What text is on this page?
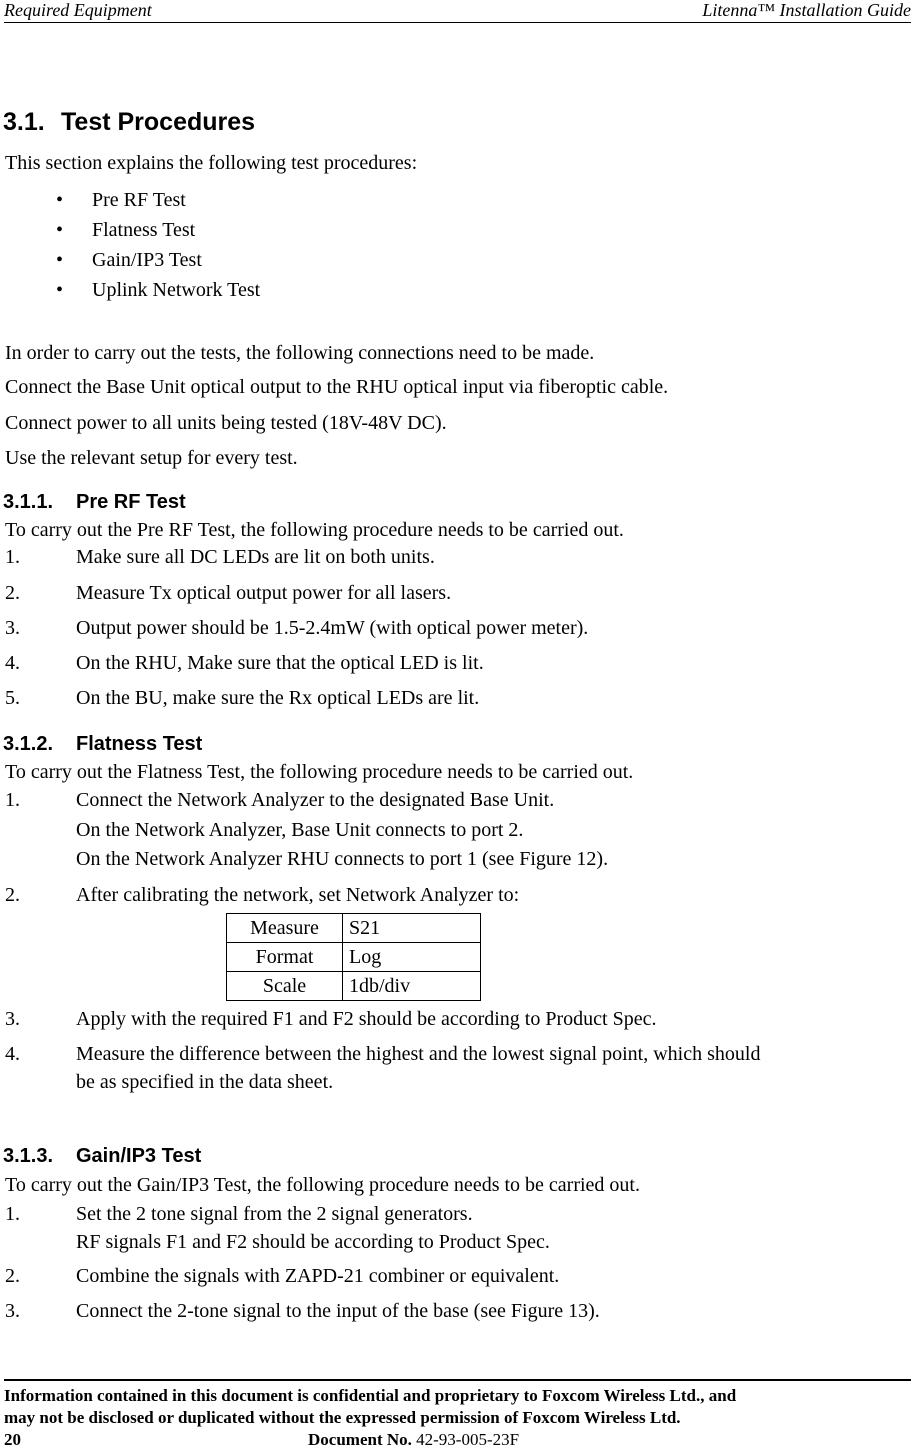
Required Equipment	Litenna™ Installation Guide
3.1. Test Procedures
This section explains the following test procedures:
• Pre RF Test
• Flatness Test
• Gain/IP3 Test
• Uplink Network Test
In order to carry out the tests, the following connections need to be made.
Connect the Base Unit optical output to the RHU optical input via fiberoptic cable.
Connect power to all units being tested (18V-48V DC).
Use the relevant setup for every test.
3.1.1. Pre RF Test
To carry out the Pre RF Test, the following procedure needs to be carried out.
1.	Make sure all DC LEDs are lit on both units.
2.	Measure Tx optical output power for all lasers.
3.	Output power should be 1.5-2.4mW (with optical power meter).
4.	On the RHU, Make sure that the optical LED is lit.
5.	On the BU, make sure the Rx optical LEDs are lit.
3.1.2. Flatness Test
To carry out the Flatness Test, the following procedure needs to be carried out.
1.	Connect the Network Analyzer to the designated Base Unit.
On the Network Analyzer, Base Unit connects to port 2.
On the Network Analyzer RHU connects to port 1 (see Figure 12).
2.	After calibrating the network, set Network Analyzer to:
Measure	S21
Format	Log
Scale	1db/div
3.	Apply with the required F1 and F2 should be according to Product Spec.
4.	Measure the difference between the highest and the lowest signal point, which should
be as specified in the data sheet.
3.1.3. Gain/IP3 Test
To carry out the Gain/IP3 Test, the following procedure needs to be carried out.
1.	Set the 2 tone signal from the 2 signal generators.
RF signals F1 and F2 should be according to Product Spec.
2.	Combine the signals with ZAPD-21 combiner or equivalent.
3.	Connect the 2-tone signal to the input of the base (see Figure 13).
Information contained in this document is confidential and proprietary to Foxcom Wireless Ltd., and
may not be disclosed or duplicated without the expressed permission of Foxcom Wireless Ltd.
20	Document No. 42-93-005-23F
